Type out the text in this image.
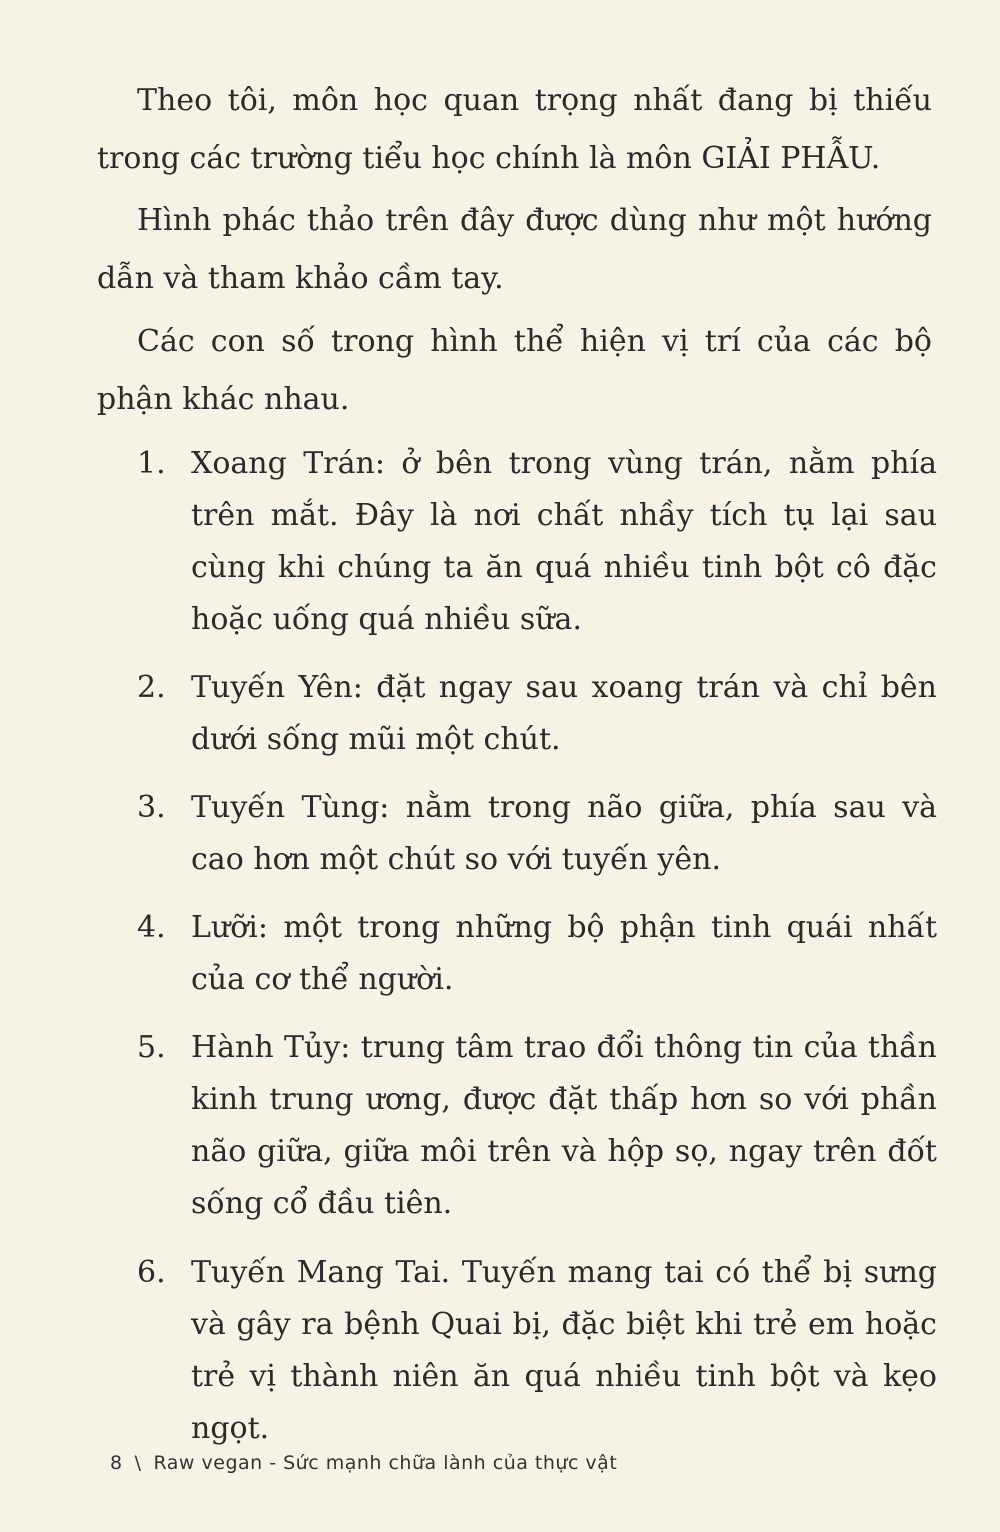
Theo tôi, môn học quan trọng nhất đang bị thiếu trong các trường tiểu học chính là môn GIẢI PHẪU.

Hình phác thảo trên đây được dùng như một hướng dẫn và tham khảo cầm tay.

Các con số trong hình thể hiện vị trí của các bộ phận khác nhau.

1. Xoang Trán: ở bên trong vùng trán, nằm phía trên mắt. Đây là nơi chất nhầy tích tụ lại sau cùng khi chúng ta ăn quá nhiều tinh bột cô đặc hoặc uống quá nhiều sữa.
2. Tuyến Yên: đặt ngay sau xoang trán và chỉ bên dưới sống mũi một chút.
3. Tuyến Tùng: nằm trong não giữa, phía sau và cao hơn một chút so với tuyến yên.
4. Lưỡi: một trong những bộ phận tinh quái nhất của cơ thể người.
5. Hành Tủy: trung tâm trao đổi thông tin của thần kinh trung ương, được đặt thấp hơn so với phần não giữa, giữa môi trên và hộp sọ, ngay trên đốt sống cổ đầu tiên.
6. Tuyến Mang Tai. Tuyến mang tai có thể bị sưng và gây ra bệnh Quai bị, đặc biệt khi trẻ em hoặc trẻ vị thành niên ăn quá nhiều tinh bột và kẹo ngọt.
8 \ Raw vegan - Sức mạnh chữa lành của thực vật
